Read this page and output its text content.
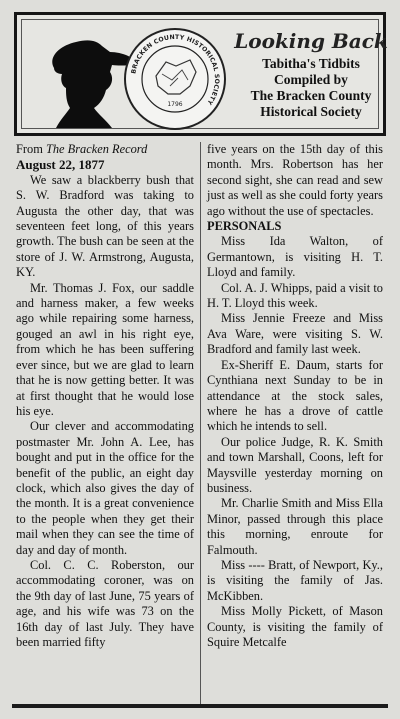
BRACKEN COUNTY HISTORICAL SOCIETY
1796
Looking Back
Tabitha's Tidbits
Compiled by
The Bracken County
Historical Society

From The Bracken Record

August 22, 1877

We saw a blackberry bush that S. W. Bradford was taking to Augusta the other day, that was seventeen feet long, of this years growth. The bush can be seen at the store of J. W. Armstrong, Augusta, KY.

Mr. Thomas J. Fox, our saddle and harness maker, a few weeks ago while repairing some harness, gouged an awl in his right eye, from which he has been suffering ever since, but we are glad to learn that he is now getting better. It was at first thought that he would lose his eye.

Our clever and accommodating postmaster Mr. John A. Lee, has bought and put in the office for the benefit of the public, an eight day clock, which also gives the day of the month. It is a great convenience to the people when they get their mail when they can see the time of day and day of month.

Col. C. C. Roberston, our accommodating coroner, was on the 9th day of last June, 75 years of age, and his wife was 73 on the 16th day of last July. They have been married fifty

five years on the 15th day of this month. Mrs. Robertson has her second sight, she can read and sew just as well as she could forty years ago without the use of spectacles.

PERSONALS

Miss Ida Walton, of Germantown, is visiting H. T. Lloyd and family.

Col. A. J. Whipps, paid a visit to H. T. Lloyd this week.

Miss Jennie Freeze and Miss Ava Ware, were visiting S. W. Bradford and family last week.

Ex-Sheriff E. Daum, starts for Cynthiana next Sunday to be in attendance at the stock sales, where he has a drove of cattle which he intends to sell.

Our police Judge, R. K. Smith and town Marshall, Coons, left for Maysville yesterday morning on business.

Mr. Charlie Smith and Miss Ella Minor, passed through this place this morning, enroute for Falmouth.

Miss ---- Bratt, of Newport, Ky., is visiting the family of Jas. McKibben.

Miss Molly Pickett, of Mason County, is visiting the family of Squire Metcalfe
